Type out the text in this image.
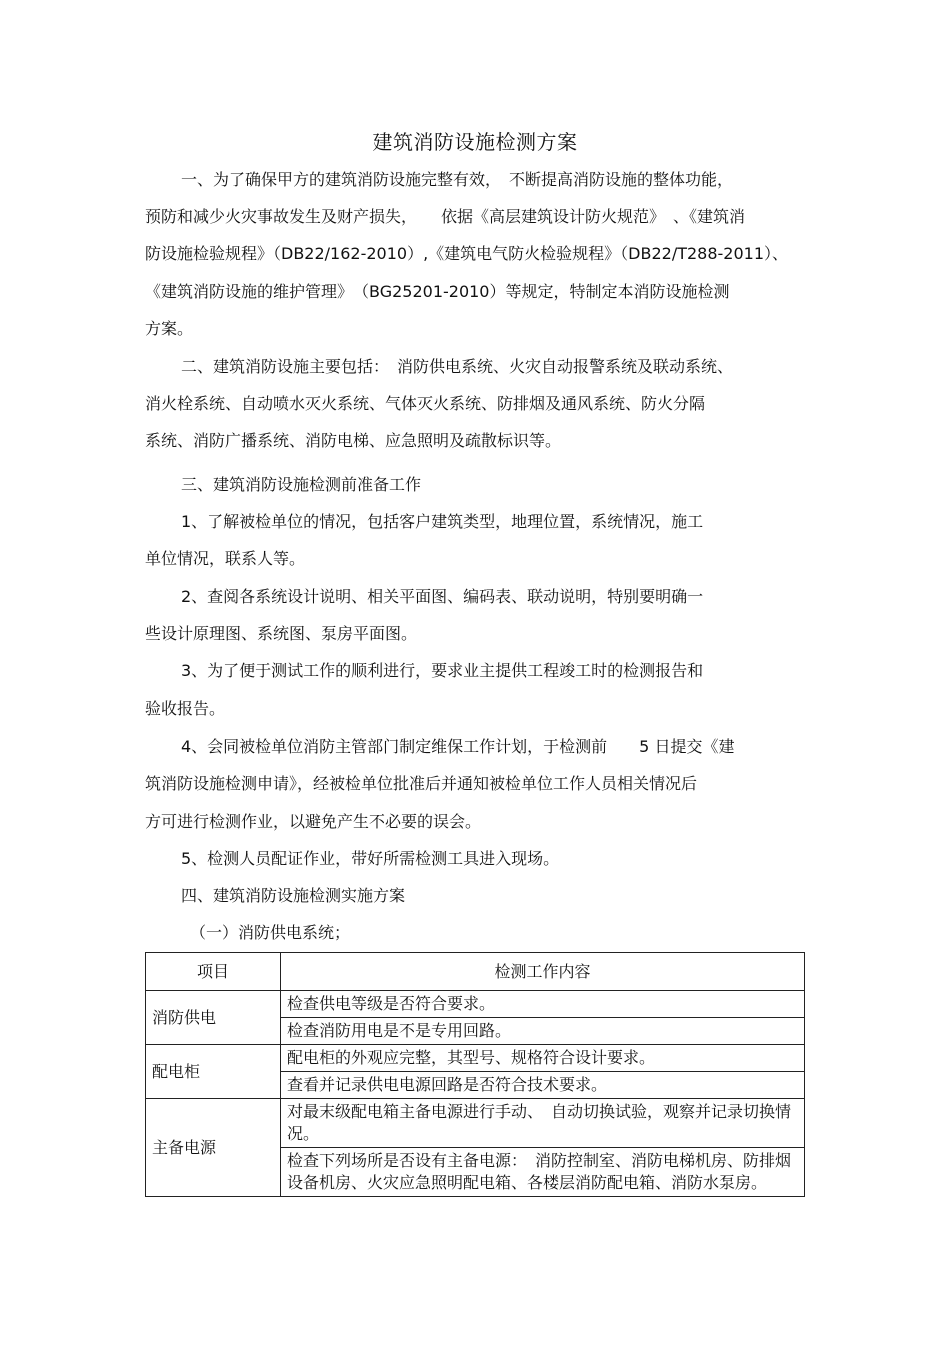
建筑消防设施检测方案
一、为了确保甲方的建筑消防设施完整有效，　不断提高消防设施的整体功能，
预防和减少火灾事故发生及财产损失，　　依据《高层建筑设计防火规范》　、《建筑消
防设施检验规程》（DB22/162-2010）,《建筑电气防火检验规程》（DB22/T288-2011）、
《建筑消防设施的维护管理》　（BG25201-2010）等规定，特制定本消防设施检测
方案。
二、建筑消防设施主要包括：　消防供电系统、火灾自动报警系统及联动系统、
消火栓系统、自动喷水灭火系统、气体灭火系统、防排烟及通风系统、防火分隔
系统、消防广播系统、消防电梯、应急照明及疏散标识等。
三、建筑消防设施检测前准备工作
1、了解被检单位的情况，包括客户建筑类型，地理位置，系统情况，施工
单位情况，联系人等。
2、查阅各系统设计说明、相关平面图、编码表、联动说明，特别要明确一
些设计原理图、系统图、泵房平面图。
3、为了便于测试工作的顺利进行，要求业主提供工程竣工时的检测报告和
验收报告。
4、会同被检单位消防主管部门制定维保工作计划，于检测前　　5 日提交《建
筑消防设施检测申请》，经被检单位批准后并通知被检单位工作人员相关情况后
方可进行检测作业，以避免产生不必要的误会。
5、检测人员配证作业，带好所需检测工具进入现场。
四、建筑消防设施检测实施方案
（一）消防供电系统；
项目	检测工作内容
消防供电	检查供电等级是否符合要求。
	检查消防用电是不是专用回路。
配电柜	配电柜的外观应完整，其型号、规格符合设计要求。
	查看并记录供电电源回路是否符合技术要求。
主备电源	对最末级配电箱主备电源进行手动、　自动切换试验，观察并记录切换情况。
	检查下列场所是否设有主备电源：　消防控制室、消防电梯机房、防排烟设备机房、火灾应急照明配电箱、各楼层消防配电箱、消防水泵房。
